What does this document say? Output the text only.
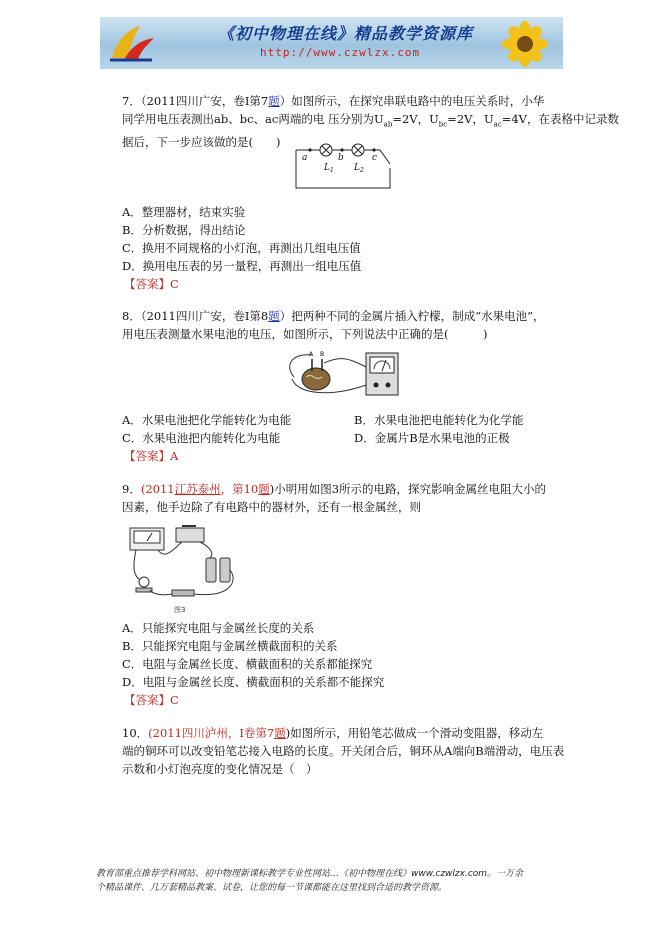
《初中物理在线》精品教学资源库
http://www.czwlzx.com
7．（2011四川广安，卷Ⅰ第7题）如图所示，在探究串联电路中的电压关系时，小华
同学用电压表测出ab、bc、ac两端的电 压分别为$U_{ab}=2V$，$U_{bc}=2V$，$U_{ac}=4V$，在表格中记录数
据后，下一步应该做的是(　　)
a	b	c
L 1 L 2
A．整理器材，结束实验
B．分析数据，得出结论
C．换用不同规格的小灯泡，再测出几组电压值
D．换用电压表的另一量程，再测出一组电压值
【答案】C
8．（2011四川广安，卷Ⅰ第8题）把两种不同的金属片插入柠檬，制成“水果电池”，
用电压表测量水果电池的电压，如图所示，下列说法中正确的是(　　　)
A B
A．水果电池把化学能转化为电能	B．水果电池把电能转化为化学能
C．水果电池把内能转化为电能	D．金属片B是水果电池的正极
【答案】A
9．(2011江苏泰州，第10题)小明用如图3所示的电路，探究影响金属丝电阻大小的
因素，他手边除了有电路中的器材外，还有一根金属丝，则
图3
A．只能探究电阻与金属丝长度的关系
B．只能探究电阻与金属丝横截面积的关系
C．电阻与金属丝长度、横截面积的关系都能探究
D．电阻与金属丝长度、横截面积的关系都不能探究
【答案】C
10．(2011四川泸州，Ⅰ卷第7题)如图所示，用铅笔芯做成一个滑动变阻器，移动左
端的铜环可以改变铅笔芯接入电路的长度。开关闭合后，铜环从A端向B端滑动，电压表
示数和小灯泡亮度的变化情况是（　）
教育部重点推荐学科网站、初中物理新课标教学专业性网站…《初中物理在线》www.czwlzx.com。一万余
个精品课件、几万套精品教案、试卷，让您的每一节课都能在这里找到合适的教学资源。
